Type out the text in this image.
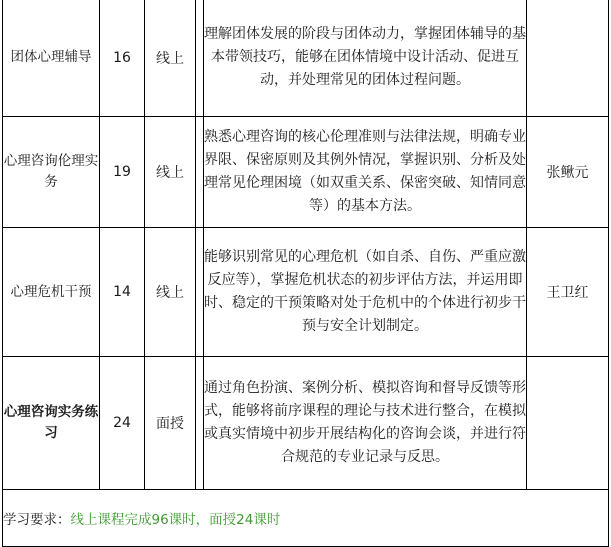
团体心理辅导	16	线上		理解团体发展的阶段与团体动力，掌握团体辅导的基本带领技巧，能够在团体情境中设计活动、促进互动，并处理常见的团体过程问题。	
心理咨询伦理实务	19	线上		熟悉心理咨询的核心伦理准则与法律法规，明确专业界限、保密原则及其例外情况，掌握识别、分析及处理常见伦理困境（如双重关系、保密突破、知情同意等）的基本方法。	张鳅元
心理危机干预	14	线上		能够识别常见的心理危机（如自杀、自伤、严重应激反应等），掌握危机状态的初步评估方法，并运用即时、稳定的干预策略对处于危机中的个体进行初步干预与安全计划制定。	王卫红
心理咨询实务练习	24	面授		通过角色扮演、案例分析、模拟咨询和督导反馈等形式，能够将前序课程的理论与技术进行整合，在模拟或真实情境中初步开展结构化的咨询会谈，并进行符合规范的专业记录与反思。	
学习要求：线上课程完成96课时，面授24课时					
